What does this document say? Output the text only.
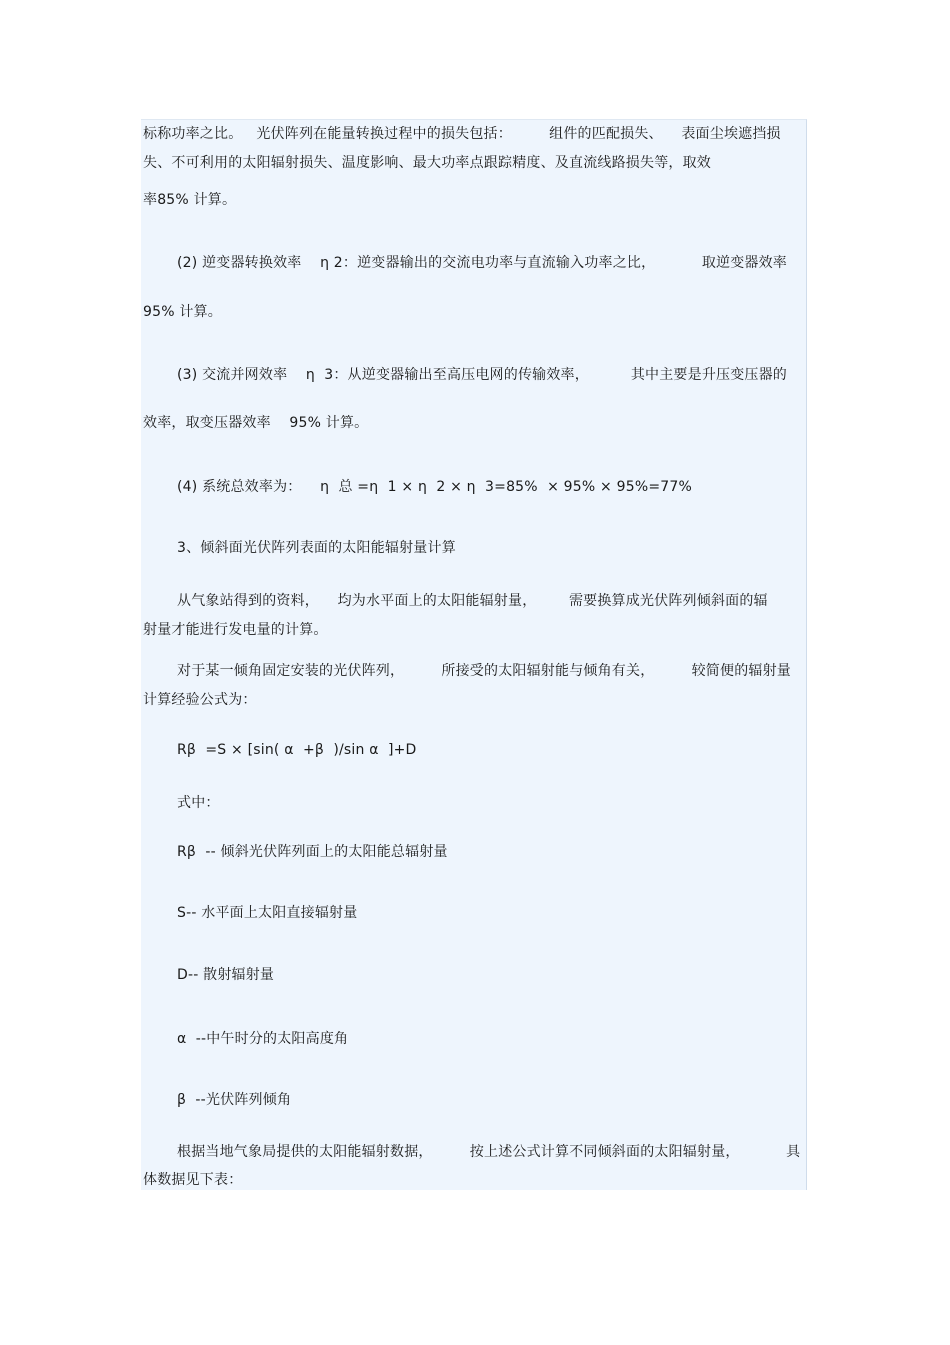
标称功率之比。   光伏阵列在能量转换过程中的损失包括：        组件的匹配损失、    表面尘埃遮挡损
失、不可利用的太阳辐射损失、温度影响、最大功率点跟踪精度、及直流线路损失等，取效
率85% 计算。
(2) 逆变器转换效率    η 2：逆变器输出的交流电功率与直流输入功率之比，          取逆变器效率
95% 计算。
(3) 交流并网效率    η  3：从逆变器输出至高压电网的传输效率，         其中主要是升压变压器的
效率，取变压器效率    95% 计算。
(4) 系统总效率为：    η  总 =η  1 × η  2 × η  3=85%  × 95% × 95%=77%
3、倾斜面光伏阵列表面的太阳能辐射量计算
从气象站得到的资料，    均为水平面上的太阳能辐射量，       需要换算成光伏阵列倾斜面的辐
射量才能进行发电量的计算。
对于某一倾角固定安装的光伏阵列，        所接受的太阳辐射能与倾角有关，        较简便的辐射量
计算经验公式为：
Rβ  =S × [sin( α  +β  )/sin α  ]+D
式中：
Rβ  -- 倾斜光伏阵列面上的太阳能总辐射量
S-- 水平面上太阳直接辐射量
D-- 散射辐射量
α  --中午时分的太阳高度角
β  --光伏阵列倾角
根据当地气象局提供的太阳能辐射数据，        按上述公式计算不同倾斜面的太阳辐射量，          具
体数据见下表：
